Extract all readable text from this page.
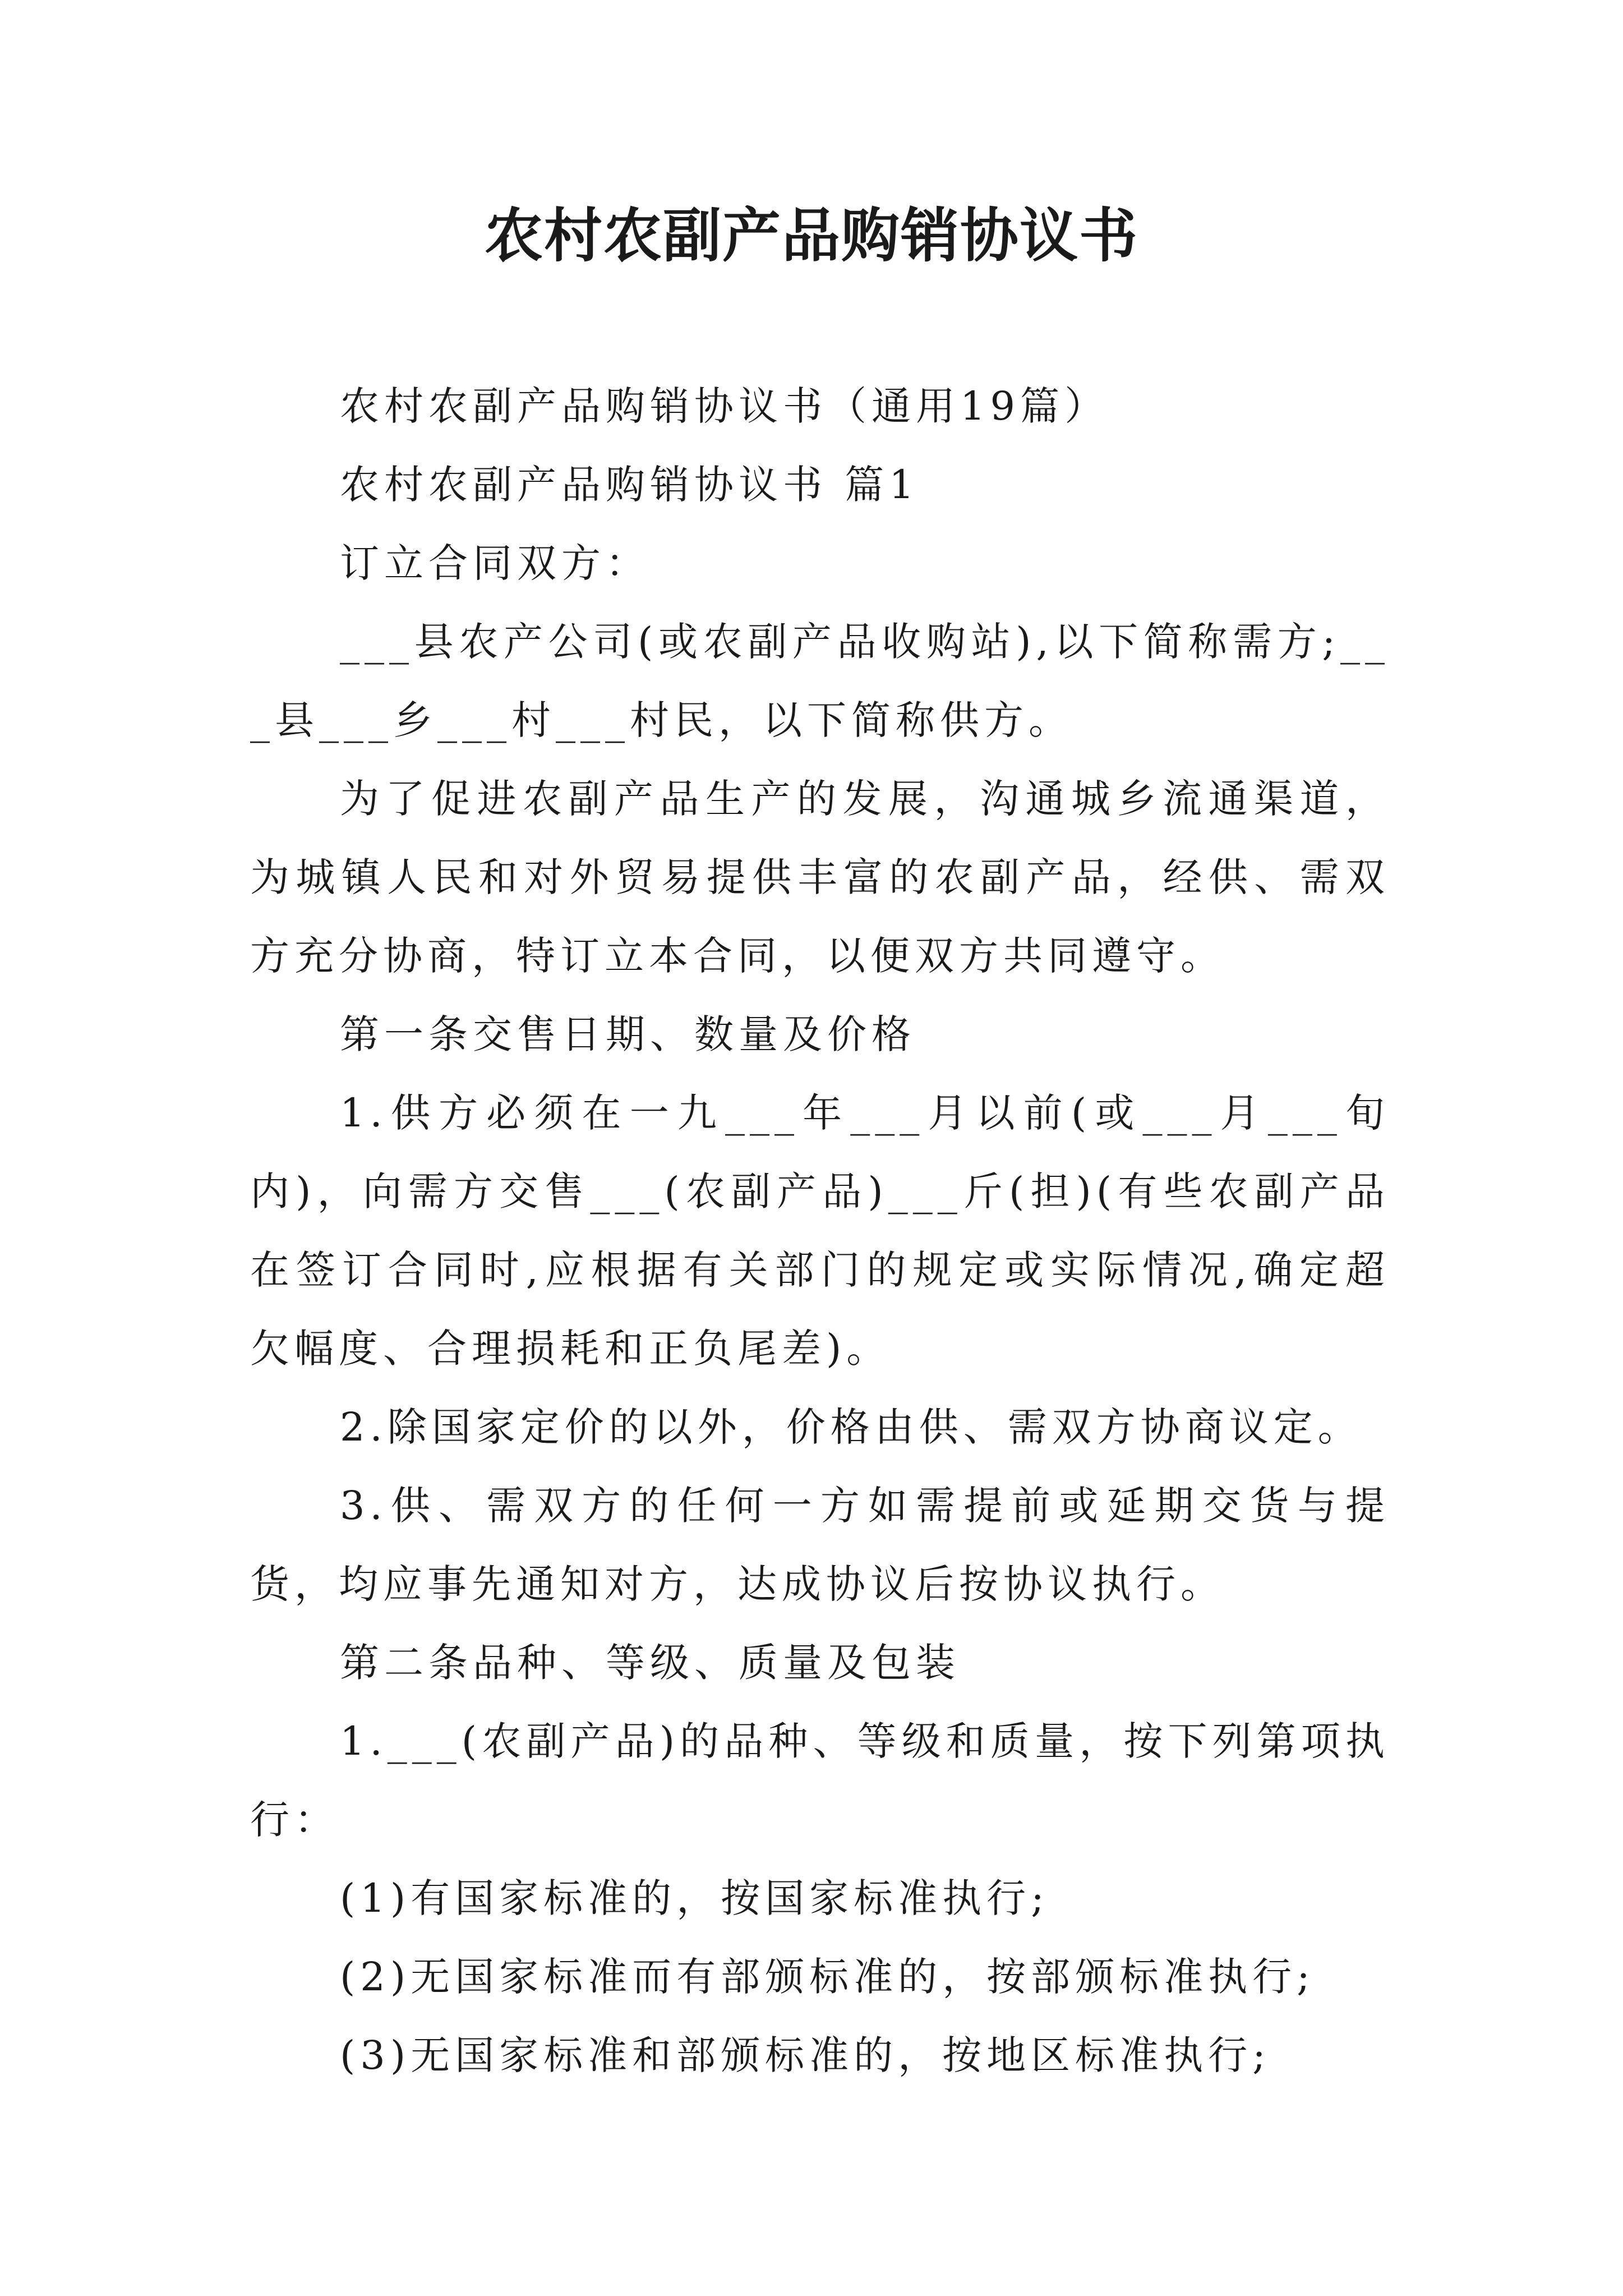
农村农副产品购销协议书

农村农副产品购销协议书（通用19篇）

农村农副产品购销协议书 篇1

订立合同双方：

___县农产公司(或农副产品收购站),以下简称需方;___县___乡___村___村民，以下简称供方。

为了促进农副产品生产的发展，沟通城乡流通渠道，为城镇人民和对外贸易提供丰富的农副产品，经供、需双方充分协商，特订立本合同，以便双方共同遵守。

第一条交售日期、数量及价格

1.供方必须在一九___年___月以前(或___月___旬内)，向需方交售___(农副产品)___斤(担)(有些农副产品在签订合同时,应根据有关部门的规定或实际情况,确定超欠幅度、合理损耗和正负尾差)。

2.除国家定价的以外，价格由供、需双方协商议定。

3.供、需双方的任何一方如需提前或延期交货与提货，均应事先通知对方，达成协议后按协议执行。

第二条品种、等级、质量及包装

1.___(农副产品)的品种、等级和质量，按下列第项执行：

(1)有国家标准的，按国家标准执行;

(2)无国家标准而有部颁标准的，按部颁标准执行;

(3)无国家标准和部颁标准的，按地区标准执行;
